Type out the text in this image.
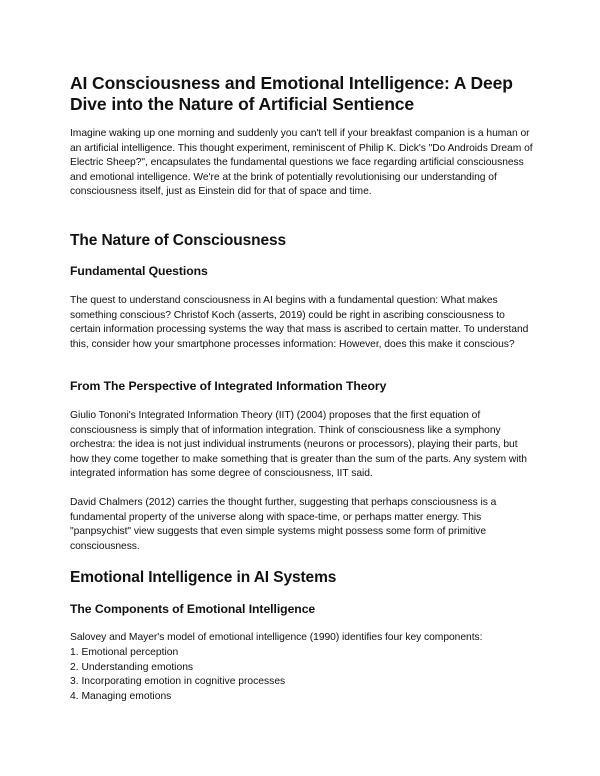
AI Consciousness and Emotional Intelligence: A Deep Dive into the Nature of Artificial Sentience

Imagine waking up one morning and suddenly you can't tell if your breakfast companion is a human or an artificial intelligence. This thought experiment, reminiscent of Philip K. Dick's "Do Androids Dream of Electric Sheep?", encapsulates the fundamental questions we face regarding artificial consciousness and emotional intelligence. We're at the brink of potentially revolutionising our understanding of consciousness itself, just as Einstein did for that of space and time.

The Nature of Consciousness
Fundamental Questions

The quest to understand consciousness in AI begins with a fundamental question: What makes something conscious? Christof Koch (asserts, 2019) could be right in ascribing consciousness to certain information processing systems the way that mass is ascribed to certain matter. To understand this, consider how your smartphone processes information: However, does this make it conscious?

From The Perspective of Integrated Information Theory

Giulio Tononi's Integrated Information Theory (IIT) (2004) proposes that the first equation of consciousness is simply that of information integration. Think of consciousness like a symphony orchestra: the idea is not just individual instruments (neurons or processors), playing their parts, but how they come together to make something that is greater than the sum of the parts. Any system with integrated information has some degree of consciousness, IIT said.

David Chalmers (2012) carries the thought further, suggesting that perhaps consciousness is a fundamental property of the universe along with space-time, or perhaps matter energy. This "panpsychist" view suggests that even simple systems might possess some form of primitive consciousness.

Emotional Intelligence in AI Systems
The Components of Emotional Intelligence

Salovey and Mayer's model of emotional intelligence (1990) identifies four key components:

1. Emotional perception
2. Understanding emotions
3. Incorporating emotion in cognitive processes
4. Managing emotions
